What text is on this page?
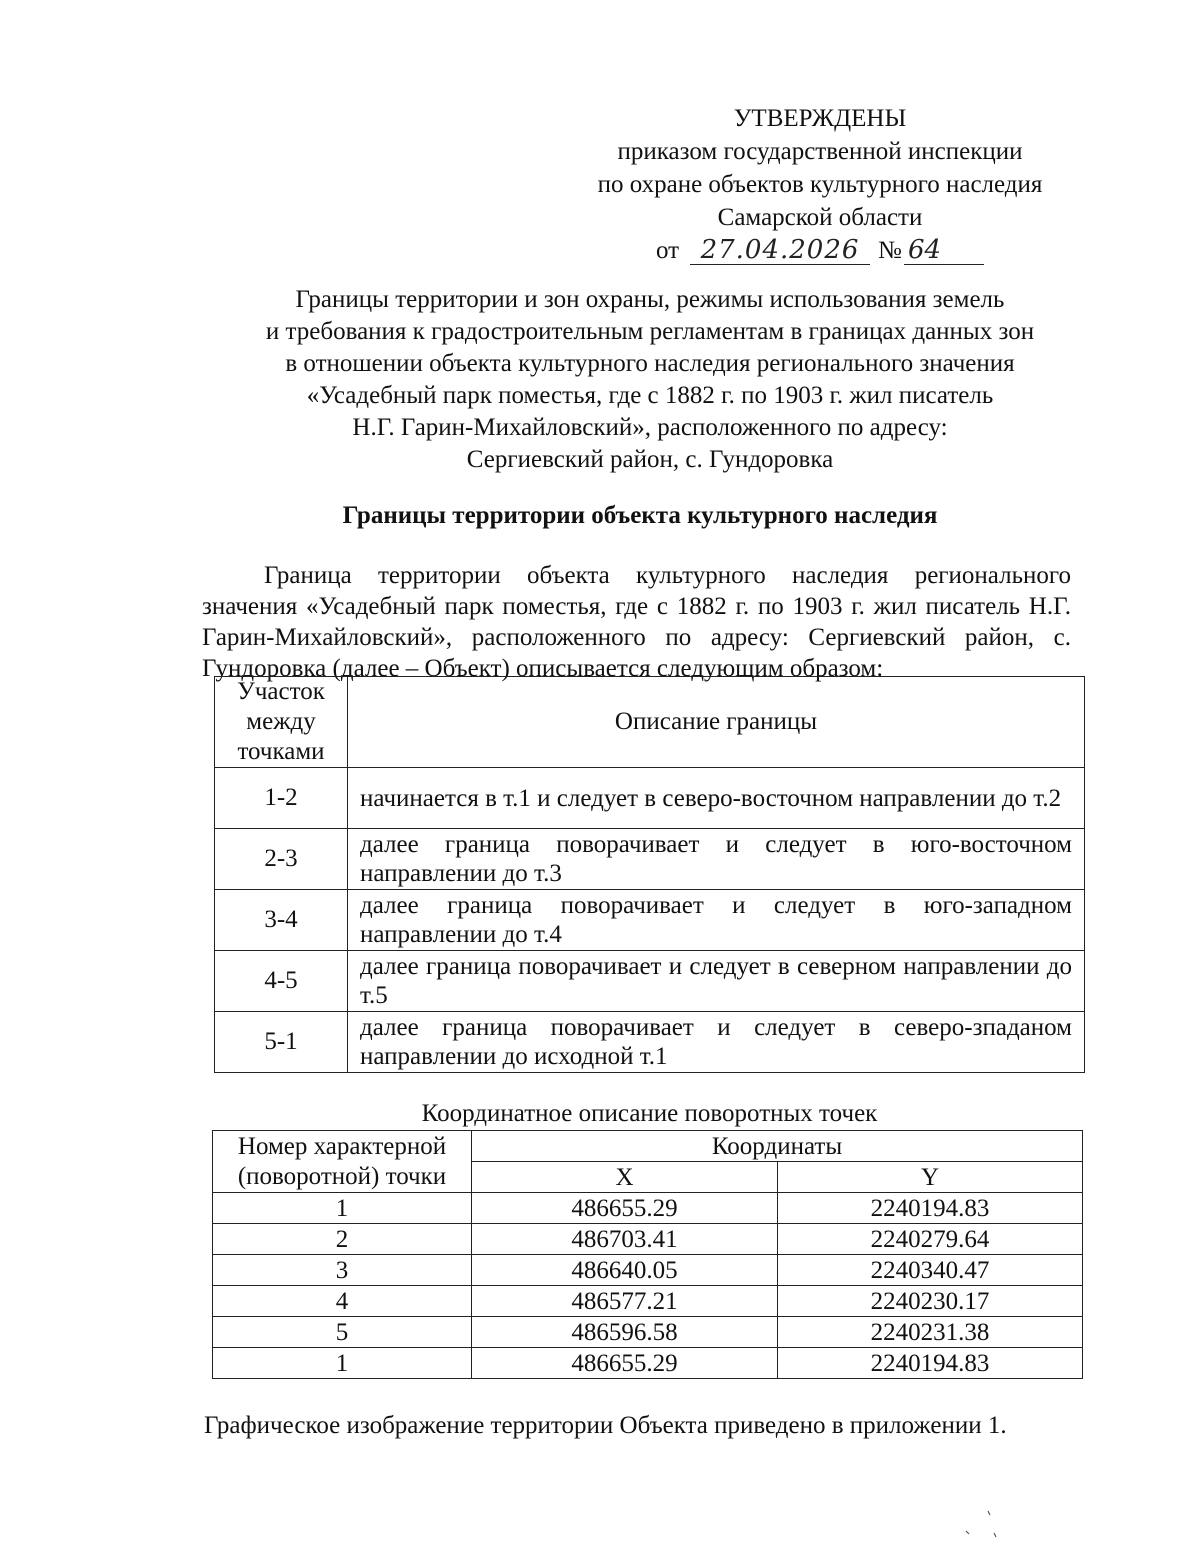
УТВЕРЖДЕНЫ
приказом государственной инспекции
по охране объектов культурного наследия
Самарской области
от 27.04.2026 № 64
Границы территории и зон охраны, режимы использования земель
и требования к градостроительным регламентам в границах данных зон
в отношении объекта культурного наследия регионального значения
«Усадебный парк поместья, где с 1882 г. по 1903 г. жил писатель
Н.Г. Гарин-Михайловский», расположенного по адресу:
Сергиевский район, с. Гундоровка
Границы территории объекта культурного наследия
Граница территории объекта культурного наследия регионального значения «Усадебный парк поместья, где с 1882 г. по 1903 г. жил писатель Н.Г. Гарин-Михайловский», расположенного по адресу: Сергиевский район, с. Гундоровка (далее – Объект) описывается следующим образом:
Участок
между
точками	Описание границы
1-2	начинается в т.1 и следует в северо-восточном направлении до т.2
2-3	далее граница поворачивает и следует в юго-восточном направлении до т.3
3-4	далее граница поворачивает и следует в юго-западном направлении до т.4
4-5	далее граница поворачивает и следует в северном направлении до т.5
5-1	далее граница поворачивает и следует в северо-зпаданом направлении до исходной т.1
Координатное описание поворотных точек
Номер характерной
(поворотной) точки	Координаты	
	X	Y
1	486655.29	2240194.83
2	486703.41	2240279.64
3	486640.05	2240340.47
4	486577.21	2240230.17
5	486596.58	2240231.38
1	486655.29	2240194.83
Графическое изображение территории Объекта приведено в приложении 1.
